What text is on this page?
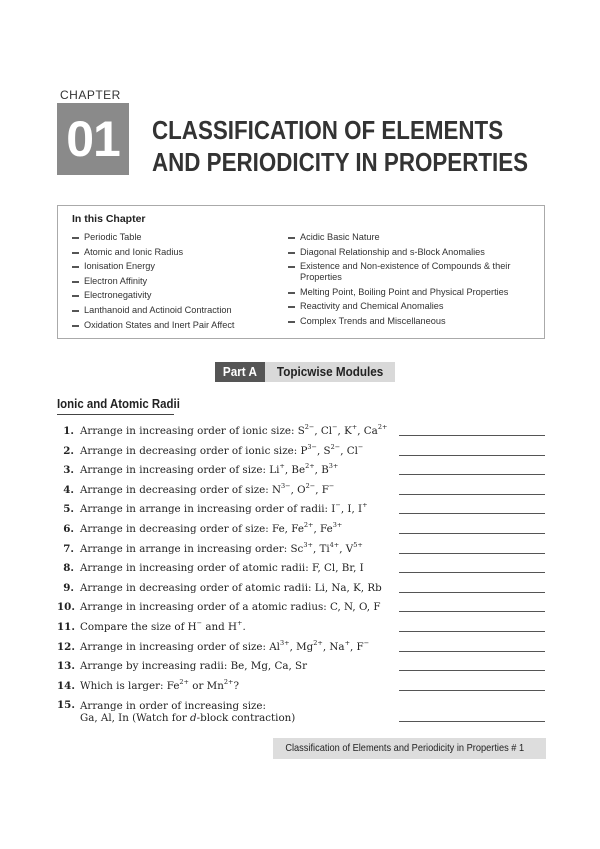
CHAPTER
01	CLASSIFICATION OF ELEMENTS
AND PERIODICITY IN PROPERTIES
In this Chapter
Periodic Table
Atomic and Ionic Radius
Ionisation Energy
Electron Affinity
Electronegativity
Lanthanoid and Actinoid Contraction
Oxidation States and Inert Pair Affect
Acidic Basic Nature
Diagonal Relationship and s-Block Anomalies
Existence and Non-existence of Compounds & their Properties
Melting Point, Boiling Point and Physical Properties
Reactivity and Chemical Anomalies
Complex Trends and Miscellaneous
Part A	Topicwise Modules
Ionic and Atomic Radii
1. Arrange in increasing order of ionic size: $S^{2-}$, Cl−, K+, $Ca^{2+}$
2. Arrange in decreasing order of ionic size: $P^{3-}$, $S^{2-}$, Cl−
3. Arrange in increasing order of size: Li+, $Be^{2+}$, $B^{3+}$
4. Arrange in decreasing order of size: $N^{3-}$, $O^{2-}$, F−
5. Arrange in arrange in increasing order of radii: I−, I, I+
6. Arrange in decreasing order of size: Fe, $Fe^{2+}$, $Fe^{3+}$
7. Arrange in arrange in increasing order: $Sc^{3+}$, $Ti^{4+}$, $V^{5+}$
8. Arrange in increasing order of atomic radii: F, Cl, Br, I
9. Arrange in decreasing order of atomic radii: Li, Na, K, Rb
10. Arrange in increasing order of a atomic radius: C, N, O, F
11. Compare the size of H− and H+.
12. Arrange in increasing order of size: $Al^{3+}$, $Mg^{2+}$, Na+, F−
13. Arrange by increasing radii: Be, Mg, Ca, Sr
14. Which is larger: $Fe^{2+}$ or $Mn^{2+}$?
15. Arrange in order of increasing size:
Ga, Al, In (Watch for d-block contraction)
Classification of Elements and Periodicity in Properties # 1
